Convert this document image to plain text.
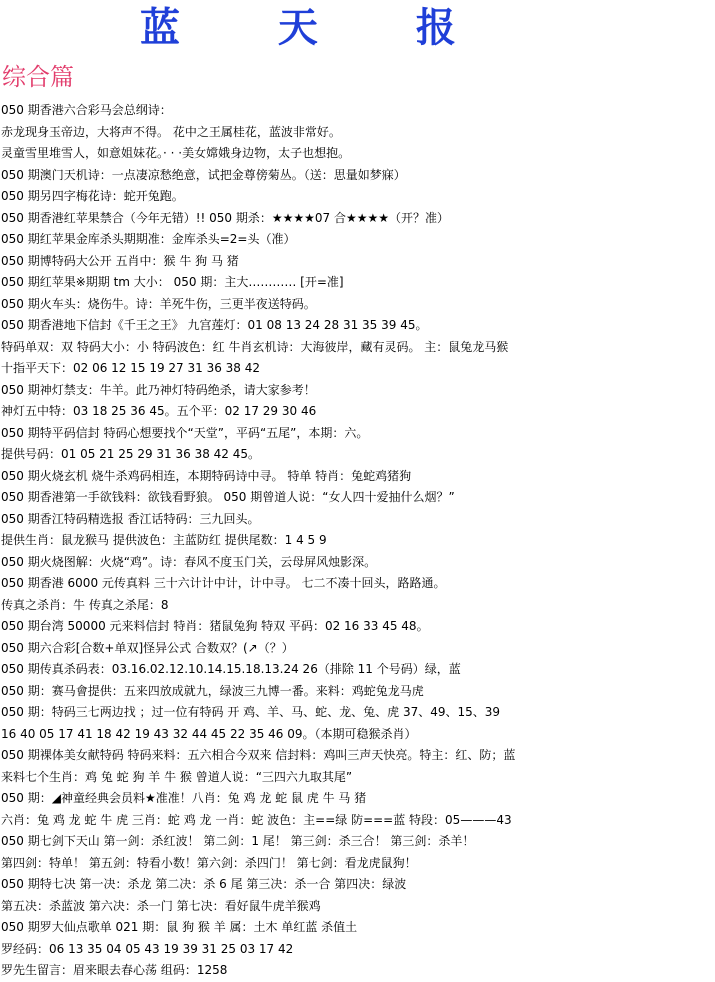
蓝 天 报
综合篇
050 期香港六合彩马会总纲诗：
赤龙现身玉帝边，大将声不得。 花中之王属桂花，蓝波非常好。
灵童雪里堆雪人，如意姐妹花。· · ·美女嫦娥身边物，太子也想抱。
050 期澳门天机诗：一点凄凉愁绝意，试把金尊傍菊丛。（送：思量如梦寐）
050 期另四字梅花诗：蛇开兔跑。
050 期香港红苹果禁合（今年无错）!! 050 期杀：★★★★07 合★★★★（开？准）
050 期红苹果金库杀头期期准：金库杀头=2=头（准）
050 期博特码大公开 五肖中：猴 牛 狗 马 猪
050 期红苹果※期期 tm 大小： 050 期：主大………… [开=准]
050 期火车头：烧伤牛。诗：羊死牛伤，三更半夜送特码。
050 期香港地下信封《千王之王》 九宫莲灯：01 08 13 24 28 31 35 39 45。
特码单双：双 特码大小：小 特码波色：红 牛肖玄机诗：大海彼岸，藏有灵码。 主：鼠兔龙马猴
十指平天下：02 06 12 15 19 27 31 36 38 42
050 期神灯禁支：牛羊。此乃神灯特码绝杀，请大家参考！
神灯五中特：03 18 25 36 45。五个平：02 17 29 30 46
050 期特平码信封 特码心想要找个“天堂”，平码“五尾”，本期：六。
提供号码：01 05 21 25 29 31 36 38 42 45。
050 期火烧玄机 烧牛杀鸡码相连，本期特码诗中寻。 特单 特肖：兔蛇鸡猪狗
050 期香港第一手欲钱料：欲钱看野狼。 050 期曾道人说：“女人四十爱抽什么烟？”
050 期香江特码精选报 香江话特码：三九回头。
提供生肖：鼠龙猴马 提供波色：主蓝防红 提供尾数：1 4 5 9
050 期火烧图解：火烧“鸡”。诗：春风不度玉门关，云母屏风烛影深。
050 期香港 6000 元传真料 三十六计计中计，计中寻。 七二不凑十回头，路路通。
传真之杀肖：牛 传真之杀尾：8
050 期台湾 50000 元来料信封 特肖：猪鼠兔狗 特双 平码：02 16 33 45 48。
050 期六合彩[合数+单双]怪异公式 合数双？(↗（？）
050 期传真杀码表：03.16.02.12.10.14.15.18.13.24 26（排除 11 个号码）绿，蓝
050 期：赛马會提供：五来四放成就九，绿波三九博一番。来料：鸡蛇兔龙马虎
050 期：特码三七两边找 ；过一位有特码 开 鸡、羊、马、蛇、龙、兔、虎 37、49、15、39
16 40 05 17 41 18 42 19 43 32 44 45 22 35 46 09。（本期可稳猴杀肖）
050 期裸体美女献特码 特码来料：五六相合今双来 信封料：鸡叫三声天快亮。特主：红、防；蓝
来料七个生肖：鸡 兔 蛇 狗 羊 牛 猴 曾道人说：“三四六九取其尾”
050 期：◢神童经典会员料★准准！八肖：兔 鸡 龙 蛇 鼠 虎 牛 马 猪
六肖：兔 鸡 龙 蛇 牛 虎 三肖：蛇 鸡 龙 一肖：蛇 波色：主==绿 防===蓝 特段：05———43
050 期七剑下天山 第一剑：杀红波！ 第二剑：1 尾！ 第三剑：杀三合！ 第三剑：杀羊！
第四剑：特单！ 第五剑：特看小数！第六剑：杀四门！ 第七剑：看龙虎鼠狗！
050 期特七决 第一决：杀龙 第二决：杀 6 尾 第三决：杀一合 第四决：绿波
第五决：杀蓝波 第六决：杀一门 第七决：看好鼠牛虎羊猴鸡
050 期罗大仙点歌单 021 期：鼠 狗 猴 羊 属：土木 单红蓝 杀值土
罗经码：06 13 35 04 05 43 19 39 31 25 03 17 42
罗先生留言：眉来眼去春心荡 组码：1258
